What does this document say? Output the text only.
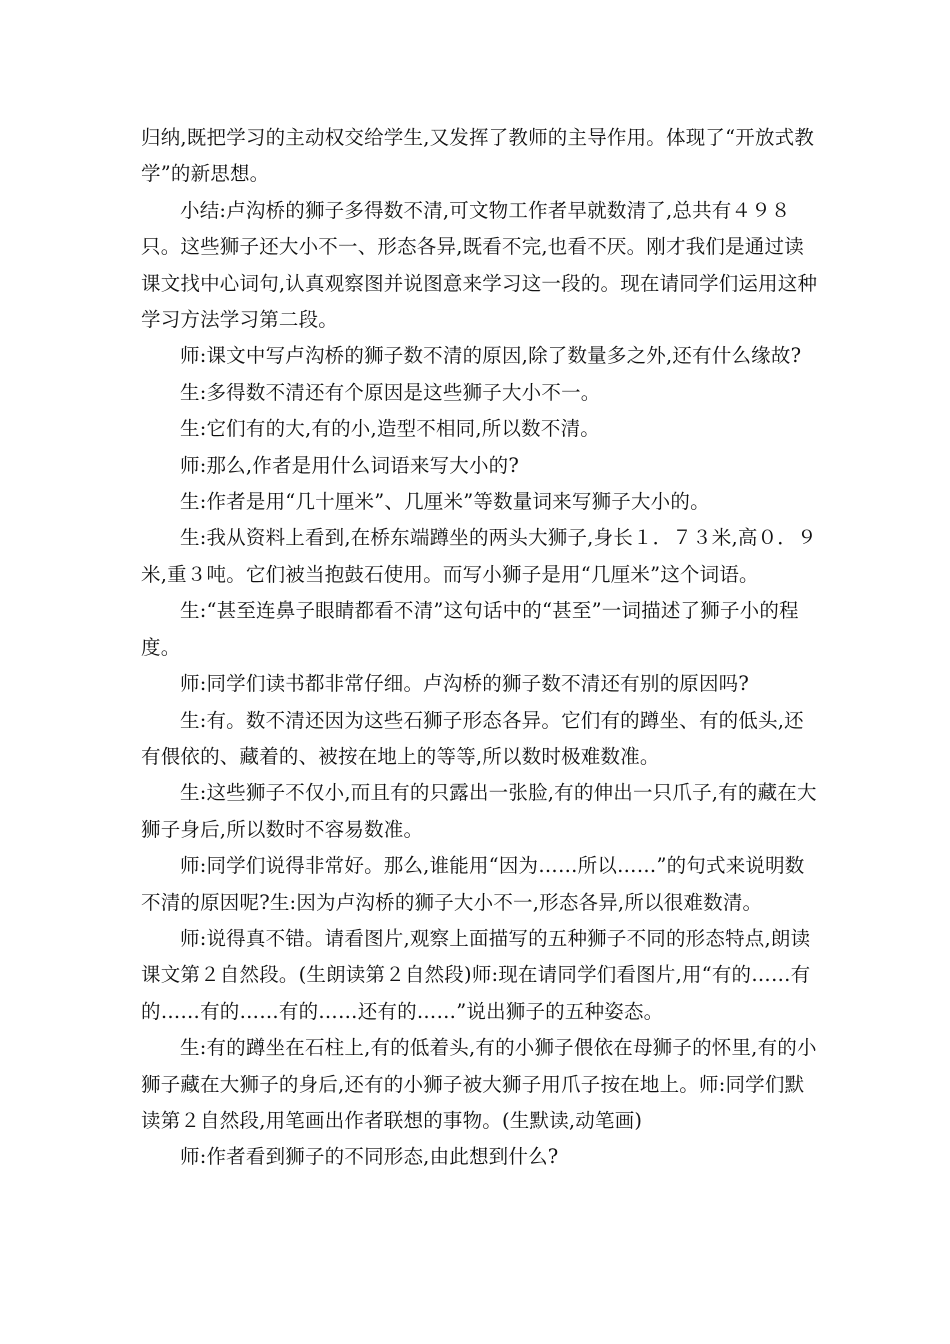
归纳,既把学习的主动权交给学生,又发挥了教师的主导作用。体现了“开放式教学”的新思想。

小结:卢沟桥的狮子多得数不清,可文物工作者早就数清了,总共有４９８只。这些狮子还大小不一、形态各异,既看不完,也看不厌。刚才我们是通过读课文找中心词句,认真观察图并说图意来学习这一段的。现在请同学们运用这种学习方法学习第二段。

师:课文中写卢沟桥的狮子数不清的原因,除了数量多之外,还有什么缘故?

生:多得数不清还有个原因是这些狮子大小不一。

生:它们有的大,有的小,造型不相同,所以数不清。

师:那么,作者是用什么词语来写大小的?

生:作者是用“几十厘米”、几厘米”等数量词来写狮子大小的。

生:我从资料上看到,在桥东端蹲坐的两头大狮子,身长１．７３米,高０．９米,重３吨。它们被当抱鼓石使用。而写小狮子是用“几厘米”这个词语。

生:“甚至连鼻子眼睛都看不清”这句话中的“甚至”一词描述了狮子小的程度。

师:同学们读书都非常仔细。卢沟桥的狮子数不清还有别的原因吗?

生:有。数不清还因为这些石狮子形态各异。它们有的蹲坐、有的低头,还有偎依的、藏着的、被按在地上的等等,所以数时极难数准。

生:这些狮子不仅小,而且有的只露出一张脸,有的伸出一只爪子,有的藏在大狮子身后,所以数时不容易数准。

师:同学们说得非常好。那么,谁能用“因为……所以……”的句式来说明数不清的原因呢?生:因为卢沟桥的狮子大小不一,形态各异,所以很难数清。

师:说得真不错。请看图片,观察上面描写的五种狮子不同的形态特点,朗读课文第２自然段。(生朗读第２自然段)师:现在请同学们看图片,用“有的……有的……有的……有的……还有的……”说出狮子的五种姿态。

生:有的蹲坐在石柱上,有的低着头,有的小狮子偎依在母狮子的怀里,有的小狮子藏在大狮子的身后,还有的小狮子被大狮子用爪子按在地上。师:同学们默读第２自然段,用笔画出作者联想的事物。(生默读,动笔画)

师:作者看到狮子的不同形态,由此想到什么?
